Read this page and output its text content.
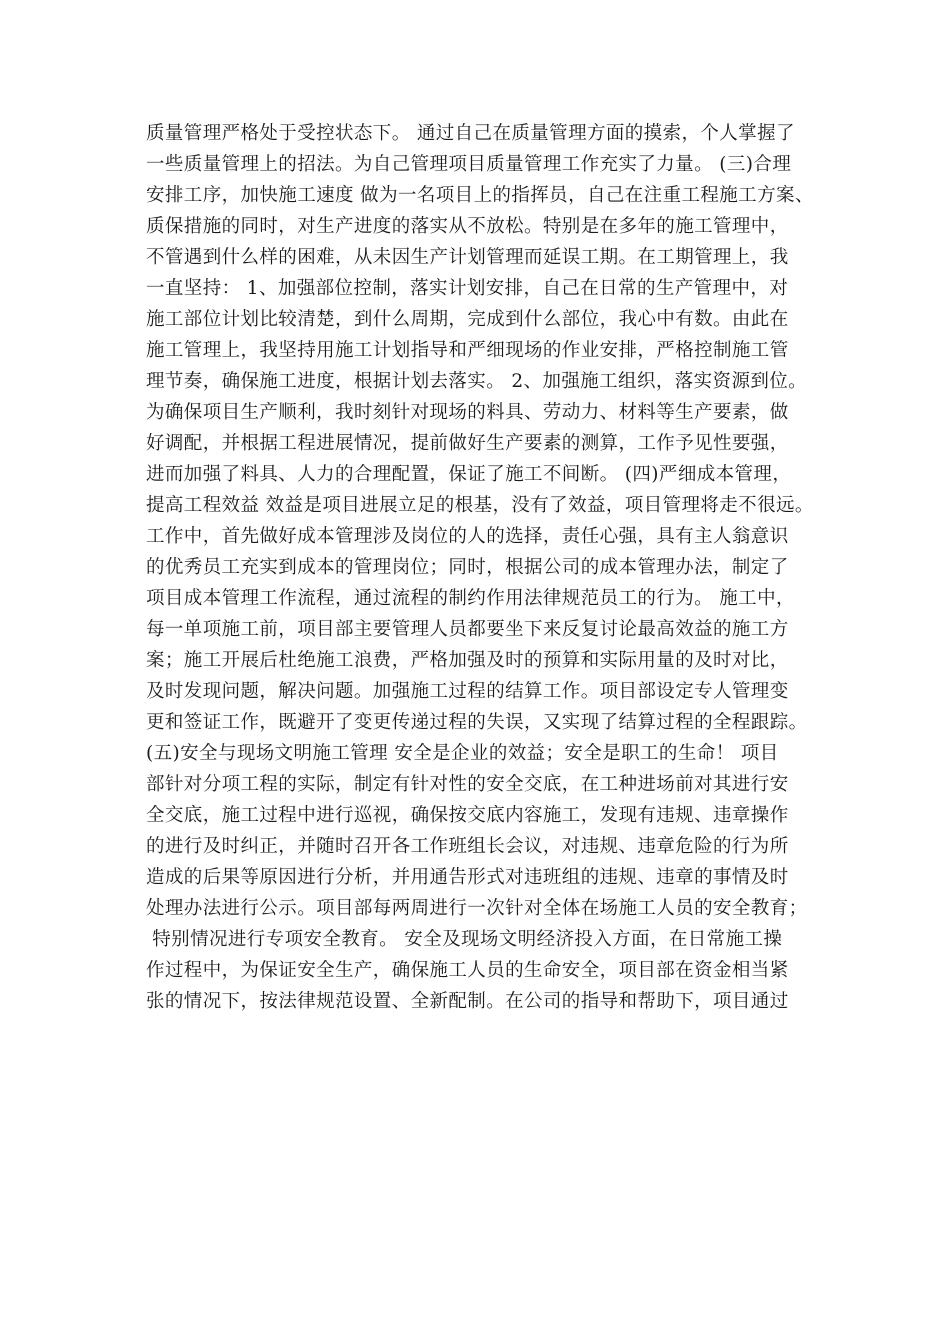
质量管理严格处于受控状态下。 通过自己在质量管理方面的摸索，个人掌握了
一些质量管理上的招法。为自己管理项目质量管理工作充实了力量。 (三)合理
安排工序，加快施工速度 做为一名项目上的指挥员，自己在注重工程施工方案、
质保措施的同时，对生产进度的落实从不放松。特别是在多年的施工管理中，
不管遇到什么样的困难，从未因生产计划管理而延误工期。在工期管理上，我
一直坚持： 1、加强部位控制，落实计划安排，自己在日常的生产管理中，对
施工部位计划比较清楚，到什么周期，完成到什么部位，我心中有数。由此在
施工管理上，我坚持用施工计划指导和严细现场的作业安排，严格控制施工管
理节奏，确保施工进度，根据计划去落实。 2、加强施工组织，落实资源到位。
为确保项目生产顺利，我时刻针对现场的料具、劳动力、材料等生产要素，做
好调配，并根据工程进展情况，提前做好生产要素的测算，工作予见性要强，
进而加强了料具、人力的合理配置，保证了施工不间断。 (四)严细成本管理，
提高工程效益 效益是项目进展立足的根基，没有了效益，项目管理将走不很远。
工作中，首先做好成本管理涉及岗位的人的选择，责任心强，具有主人翁意识
的优秀员工充实到成本的管理岗位；同时，根据公司的成本管理办法，制定了
项目成本管理工作流程，通过流程的制约作用法律规范员工的行为。 施工中，
每一单项施工前，项目部主要管理人员都要坐下来反复讨论最高效益的施工方
案；施工开展后杜绝施工浪费，严格加强及时的预算和实际用量的及时对比，
及时发现问题，解决问题。加强施工过程的结算工作。项目部设定专人管理变
更和签证工作，既避开了变更传递过程的失误，又实现了结算过程的全程跟踪。
(五)安全与现场文明施工管理 安全是企业的效益；安全是职工的生命！ 项目
部针对分项工程的实际，制定有针对性的安全交底，在工种进场前对其进行安
全交底，施工过程中进行巡视，确保按交底内容施工，发现有违规、违章操作
的进行及时纠正，并随时召开各工作班组长会议，对违规、违章危险的行为所
造成的后果等原因进行分析，并用通告形式对违班组的违规、违章的事情及时
处理办法进行公示。项目部每两周进行一次针对全体在场施工人员的安全教育；
特别情况进行专项安全教育。 安全及现场文明经济投入方面，在日常施工操
作过程中，为保证安全生产，确保施工人员的生命安全，项目部在资金相当紧
张的情况下，按法律规范设置、全新配制。在公司的指导和帮助下，项目通过
